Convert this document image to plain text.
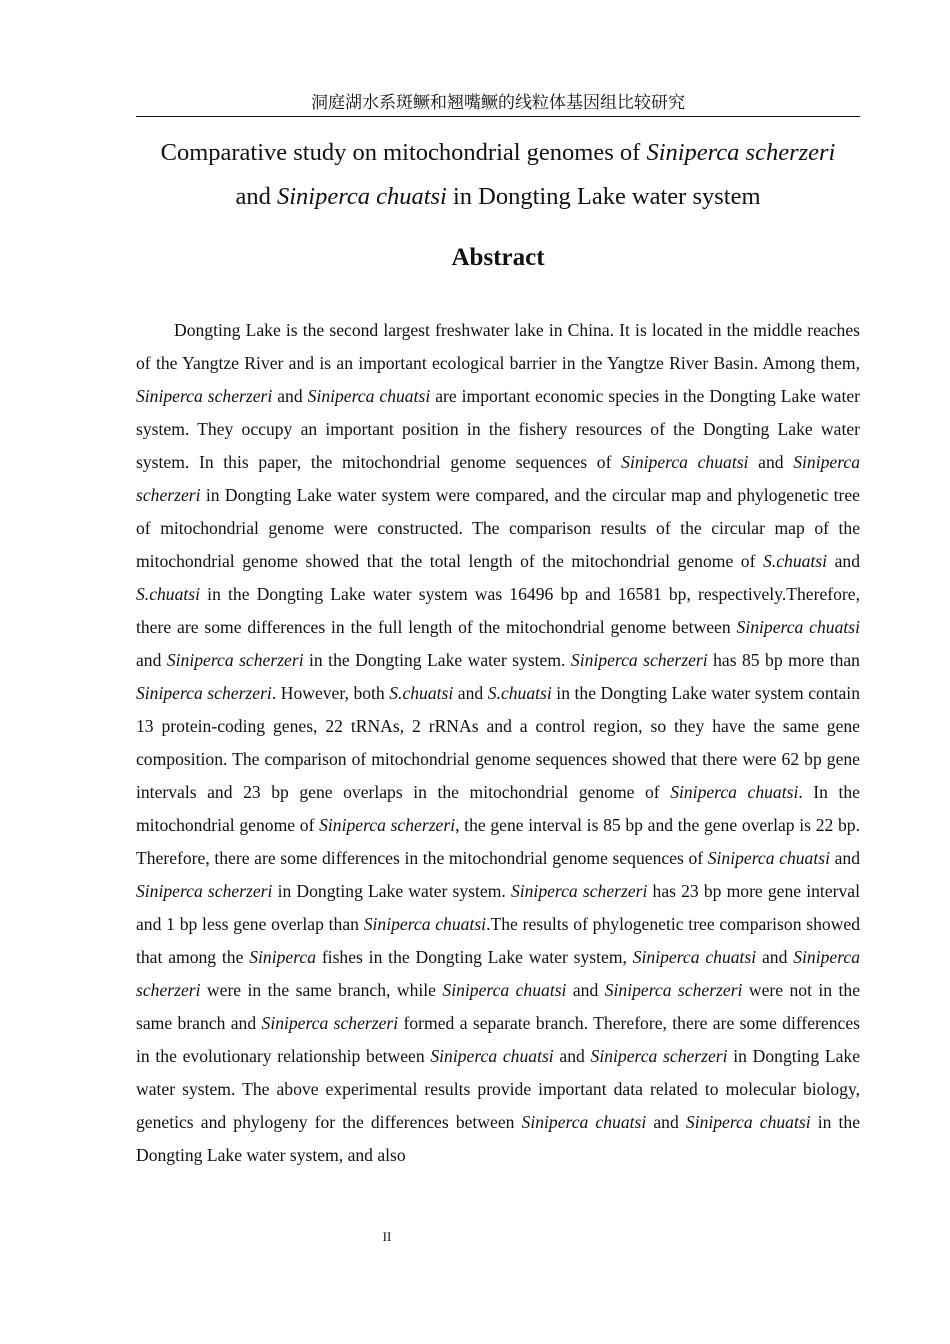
洞庭湖水系斑鳜和翘嘴鳜的线粒体基因组比较研究
Comparative study on mitochondrial genomes of Siniperca scherzeri
and Siniperca chuatsi in Dongting Lake water system
Abstract

Dongting Lake is the second largest freshwater lake in China. It is located in the middle reaches of the Yangtze River and is an important ecological barrier in the Yangtze River Basin. Among them, Siniperca scherzeri and Siniperca chuatsi are important economic species in the Dongting Lake water system. They occupy an important position in the fishery resources of the Dongting Lake water system. In this paper, the mitochondrial genome sequences of Siniperca chuatsi and Siniperca scherzeri in Dongting Lake water system were compared, and the circular map and phylogenetic tree of mitochondrial genome were constructed. The comparison results of the circular map of the mitochondrial genome showed that the total length of the mitochondrial genome of S.chuatsi and S.chuatsi in the Dongting Lake water system was 16496 bp and 16581 bp, respectively.Therefore, there are some differences in the full length of the mitochondrial genome between Siniperca chuatsi and Siniperca scherzeri in the Dongting Lake water system. Siniperca scherzeri has 85 bp more than Siniperca scherzeri. However, both S.chuatsi and S.chuatsi in the Dongting Lake water system contain 13 protein-coding genes, 22 tRNAs, 2 rRNAs and a control region, so they have the same gene composition. The comparison of mitochondrial genome sequences showed that there were 62 bp gene intervals and 23 bp gene overlaps in the mitochondrial genome of Siniperca chuatsi. In the mitochondrial genome of Siniperca scherzeri, the gene interval is 85 bp and the gene overlap is 22 bp. Therefore, there are some differences in the mitochondrial genome sequences of Siniperca chuatsi and Siniperca scherzeri in Dongting Lake water system. Siniperca scherzeri has 23 bp more gene interval and 1 bp less gene overlap than Siniperca chuatsi.The results of phylogenetic tree comparison showed that among the Siniperca fishes in the Dongting Lake water system, Siniperca chuatsi and Siniperca scherzeri were in the same branch, while Siniperca chuatsi and Siniperca scherzeri were not in the same branch and Siniperca scherzeri formed a separate branch. Therefore, there are some differences in the evolutionary relationship between Siniperca chuatsi and Siniperca scherzeri in Dongting Lake water system. The above experimental results provide important data related to molecular biology, genetics and phylogeny for the differences between Siniperca chuatsi and Siniperca chuatsi in the Dongting Lake water system, and also

II
